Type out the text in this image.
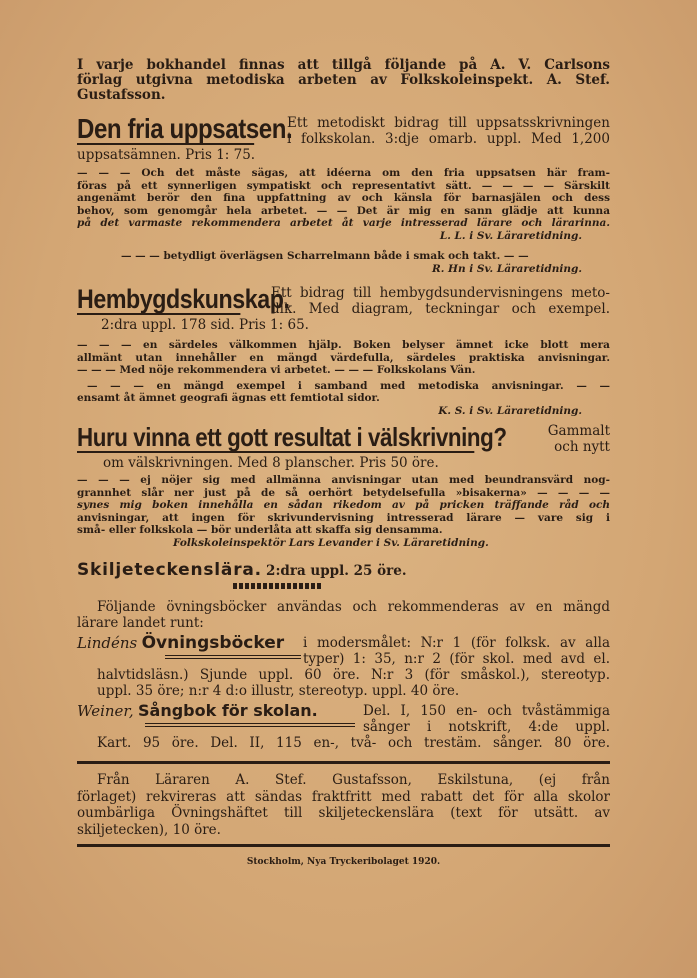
I varje bokhandel finnas att tillgå följande på A. V. Carlsons

förlag utgivna metodiska arbeten av Folkskoleinspekt. A. Stef. Gustafsson.

Den fria uppsatsen.

Ett metodiskt bidrag till uppsatsskrivningen

i folkskolan. 3:dje omarb. uppl. Med 1,200

uppsatsämnen. Pris 1: 75.

— — — Och det måste sägas, att idéerna om den fria uppsatsen här fram-

föras på ett synnerligen sympatiskt och representativt sätt. — — — — Särskilt

angenämt berör den fina uppfattning av och känsla för barnasjälen och dess

behov, som genomgår hela arbetet. — — Det är mig en sann glädje att kunna

på det varmaste rekommendera arbetet åt varje intresserad lärare och lärarinna.

L. L. i Sv. Läraretidning.

— — — betydligt överlägsen Scharrelmann både i smak och takt. — —

R. Hn i Sv. Läraretidning.

Hembygdskunskap.

Ett bidrag till hembygdsundervisningens meto-

dik. Med diagram, teckningar och exempel.

2:dra uppl. 178 sid. Pris 1: 65.

— — — en särdeles välkommen hjälp. Boken belyser ämnet icke blott mera

allmänt utan innehåller en mängd värdefulla, särdeles praktiska anvisningar.

— — — Med nöje rekommendera vi arbetet. — — — Folkskolans Vän.

— — — en mängd exempel i samband med metodiska anvisningar. — —

ensamt åt ämnet geografi ägnas ett femtiotal sidor.

K. S. i Sv. Läraretidning.

Huru vinna ett gott resultat i välskrivning?	Gammalt

och nytt

om välskrivningen. Med 8 planscher. Pris 50 öre.

— — — ej nöjer sig med allmänna anvisningar utan med beundransvärd nog-

grannhet slår ner just på de så oerhört betydelsefulla »bisakerna» — — — —

synes mig boken innehålla en sådan rikedom av på pricken träffande råd och

anvisningar, att ingen för skrivundervisning intresserad lärare — vare sig i

små- eller folkskola — bör underlåta att skaffa sig densamma.

Folkskoleinspektör Lars Levander i Sv. Läraretidning.

Skiljeteckenslära. 2:dra uppl. 25 öre.

Följande övningsböcker användas och rekommenderas av en mängd

lärare landet runt:

Lindéns Övningsböcker	i modersmålet: N:r 1 (för folksk. av alla

typer) 1: 35, n:r 2 (för skol. med avd el.

halvtidsläsn.) Sjunde uppl. 60 öre. N:r 3 (för småskol.), stereotyp.

uppl. 35 öre; n:r 4 d:o illustr, stereotyp. uppl. 40 öre.

Weiner, Sångbok för skolan.	Del. I, 150 en- och tvåstämmiga

sånger i notskrift, 4:de uppl.

Kart. 95 öre. Del. II, 115 en-, två- och trestäm. sånger. 80 öre.

Från Läraren A. Stef. Gustafsson, Eskilstuna, (ej från

förlaget) rekvireras att sändas fraktfritt med rabatt det för alla skolor

oumbärliga Övningshäftet till skiljeteckenslära (text för utsätt. av

skiljetecken), 10 öre.

Stockholm, Nya Tryckeribolaget 1920.
